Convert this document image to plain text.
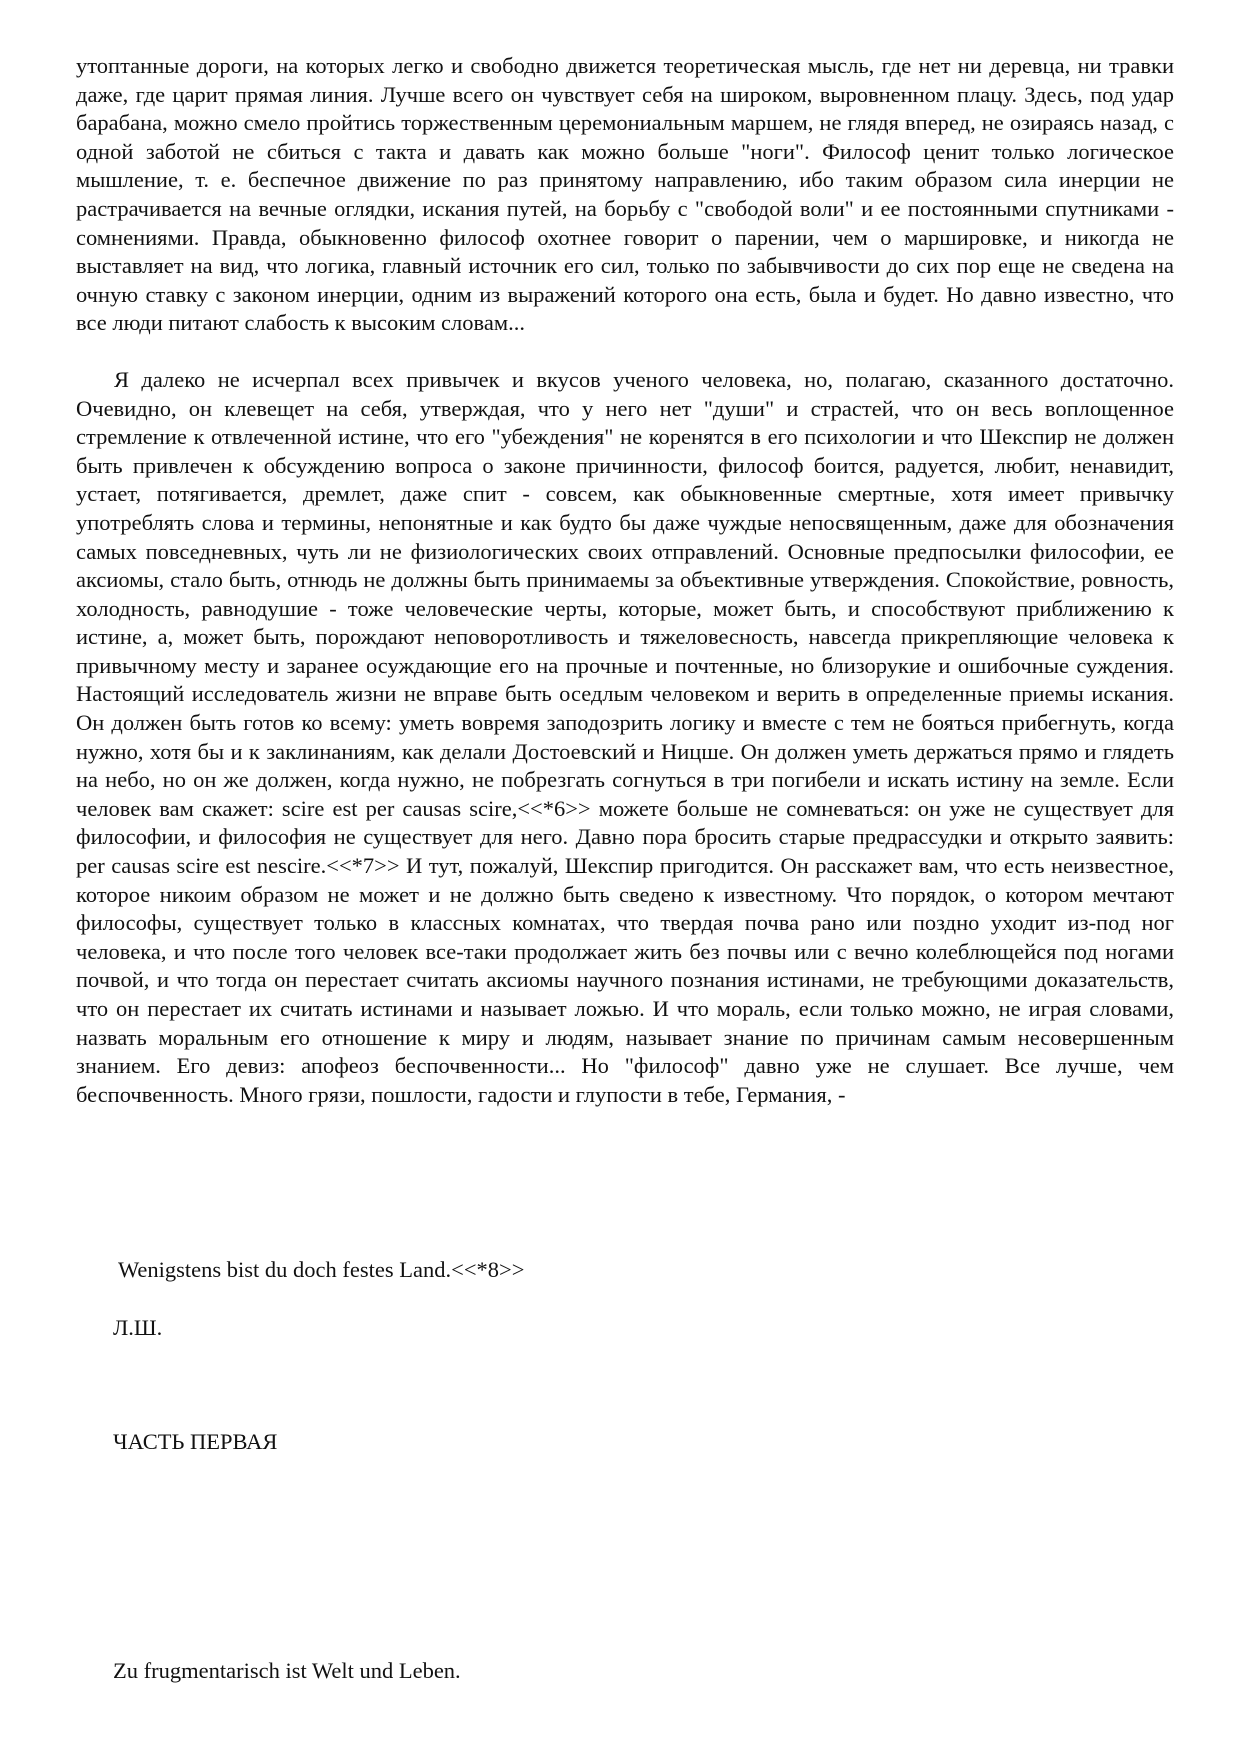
утоптанные дороги, на которых легко и свободно движется теоретическая мысль, где нет ни деревца, ни травки даже, где царит прямая линия. Лучше всего он чувствует себя на широком, выровненном плацу. Здесь, под удар барабана, можно смело пройтись торжественным церемониальным маршем, не глядя вперед, не озираясь назад, с одной заботой не сбиться с такта и давать как можно больше "ноги". Философ ценит только логическое мышление, т. е. беспечное движение по раз принятому направлению, ибо таким образом сила инерции не растрачивается на вечные оглядки, искания путей, на борьбу с "свободой воли" и ее постоянными спутниками - сомнениями. Правда, обыкновенно философ охотнее говорит о парении, чем о маршировке, и никогда не выставляет на вид, что логика, главный источник его сил, только по забывчивости до сих пор еще не сведена на очную ставку с законом инерции, одним из выражений которого она есть, была и будет. Но давно известно, что все люди питают слабость к высоким словам...

Я далеко не исчерпал всех привычек и вкусов ученого человека, но, полагаю, сказанного достаточно. Очевидно, он клевещет на себя, утверждая, что у него нет "души" и страстей, что он весь воплощенное стремление к отвлеченной истине, что его "убеждения" не коренятся в его психологии и что Шекспир не должен быть привлечен к обсуждению вопроса о законе причинности, философ боится, радуется, любит, ненавидит, устает, потягивается, дремлет, даже спит - совсем, как обыкновенные смертные, хотя имеет привычку употреблять слова и термины, непонятные и как будто бы даже чуждые непосвященным, даже для обозначения самых повседневных, чуть ли не физиологических своих отправлений. Основные предпосылки философии, ее аксиомы, стало быть, отнюдь не должны быть принимаемы за объективные утверждения. Спокойствие, ровность, холодность, равнодушие - тоже человеческие черты, которые, может быть, и способствуют приближению к истине, а, может быть, порождают неповоротливость и тяжеловесность, навсегда прикрепляющие человека к привычному месту и заранее осуждающие его на прочные и почтенные, но близорукие и ошибочные суждения. Настоящий исследователь жизни не вправе быть оседлым человеком и верить в определенные приемы искания. Он должен быть готов ко всему: уметь вовремя заподозрить логику и вместе с тем не бояться прибегнуть, когда нужно, хотя бы и к заклинаниям, как делали Достоевский и Ницше. Он должен уметь держаться прямо и глядеть на небо, но он же должен, когда нужно, не побрезгать согнуться в три погибели и искать истину на земле. Если человек вам скажет: scire est per causas scire,<<*6>> можете больше не сомневаться: он уже не существует для философии, и философия не существует для него. Давно пора бросить старые предрассудки и открыто заявить: per causas scire est nescire.<<*7>> И тут, пожалуй, Шекспир пригодится. Он расскажет вам, что есть неизвестное, которое никоим образом не может и не должно быть сведено к известному. Что порядок, о котором мечтают философы, существует только в классных комнатах, что твердая почва рано или поздно уходит из-под ног человека, и что после того человек все-таки продолжает жить без почвы или с вечно колеблющейся под ногами почвой, и что тогда он перестает считать аксиомы научного познания истинами, не требующими доказательств, что он перестает их считать истинами и называет ложью. И что мораль, если только можно, не играя словами, назвать моральным его отношение к миру и людям, называет знание по причинам самым несовершенным знанием. Его девиз: апофеоз беспочвенности... Но "философ" давно уже не слушает. Все лучше, чем беспочвенность. Много грязи, пошлости, гадости и глупости в тебе, Германия, -

Wenigstens bist du doch festes Land.<<*8>>

Л.Ш.

ЧАСТЬ ПЕРВАЯ

Zu frugmentarisch ist Welt und Leben.
